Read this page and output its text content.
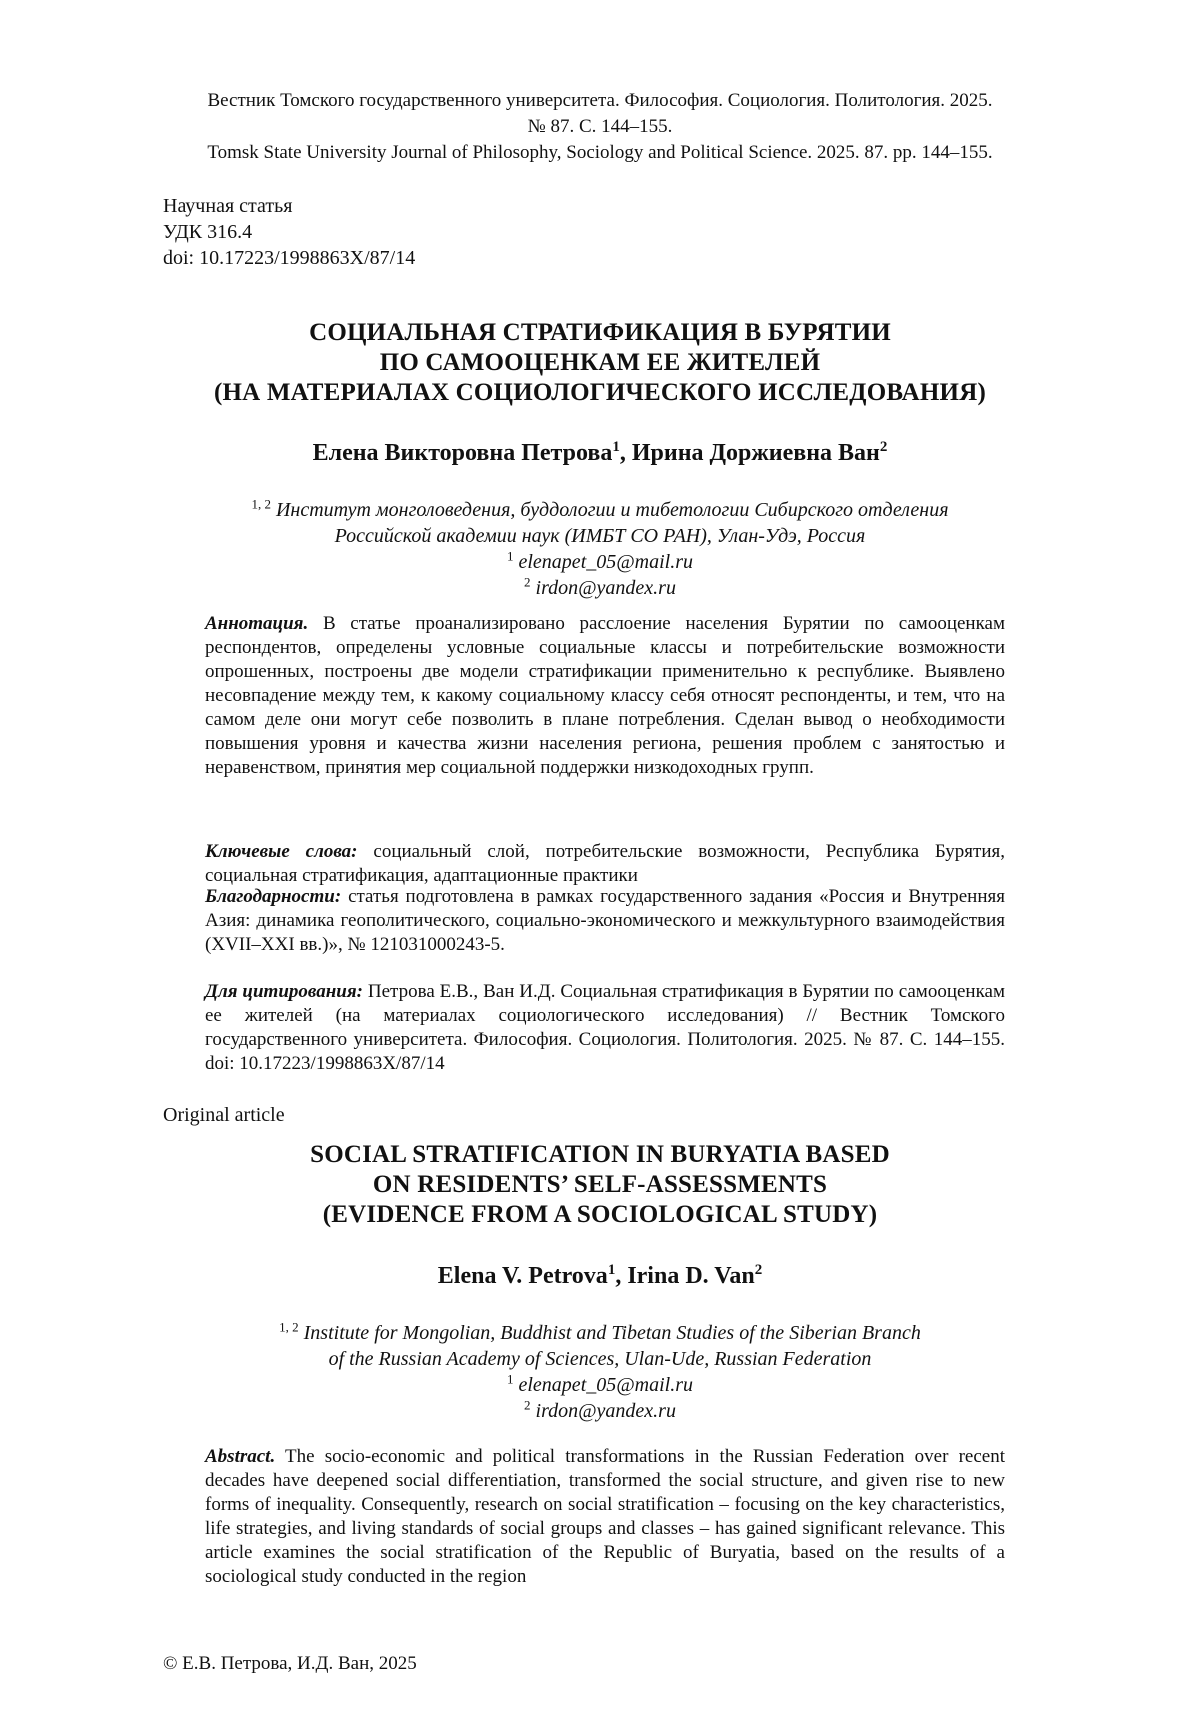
Вестник Томского государственного университета. Философия. Социология. Политология. 2025.
№ 87. С. 144–155.
Tomsk State University Journal of Philosophy, Sociology and Political Science. 2025. 87. pp. 144–155.
Научная статья
УДК 316.4
doi: 10.17223/1998863X/87/14
СОЦИАЛЬНАЯ СТРАТИФИКАЦИЯ В БУРЯТИИ
ПО САМООЦЕНКАМ ЕЕ ЖИТЕЛЕЙ
(НА МАТЕРИАЛАХ СОЦИОЛОГИЧЕСКОГО ИССЛЕДОВАНИЯ)
Елена Викторовна Петрова$^1$, Ирина Доржиевна Ван$^2$
$^{1, 2}$ Институт монголоведения, буддологии и тибетологии Сибирского отделения
Российской академии наук (ИМБТ СО РАН), Улан-Удэ, Россия
$^1$ elenapet_05@mail.ru
$^2$ irdon@yandex.ru
Аннотация. В статье проанализировано расслоение населения Бурятии по самооценкам респондентов, определены условные социальные классы и потребительские возможности опрошенных, построены две модели стратификации применительно к республике. Выявлено несовпадение между тем, к какому социальному классу себя относят респонденты, и тем, что на самом деле они могут себе позволить в плане потребления. Сделан вывод о необходимости повышения уровня и качества жизни населения региона, решения проблем с занятостью и неравенством, принятия мер социальной поддержки низкодоходных групп.
Ключевые слова: социальный слой, потребительские возможности, Республика Бурятия, социальная стратификация, адаптационные практики
Благодарности: статья подготовлена в рамках государственного задания «Россия и Внутренняя Азия: динамика геополитического, социально-экономического и межкультурного взаимодействия (XVII–XXI вв.)», № 121031000243-5.
Для цитирования: Петрова Е.В., Ван И.Д. Социальная стратификация в Бурятии по самооценкам ее жителей (на материалах социологического исследования) // Вестник Томского государственного университета. Философия. Социология. Политология. 2025. № 87. С. 144–155. doi: 10.17223/1998863X/87/14
Original article
SOCIAL STRATIFICATION IN BURYATIA BASED
ON RESIDENTS’ SELF-ASSESSMENTS
(EVIDENCE FROM A SOCIOLOGICAL STUDY)
Elena V. Petrova$^1$, Irina D. Van$^2$
$^{1, 2}$ Institute for Mongolian, Buddhist and Tibetan Studies of the Siberian Branch
of the Russian Academy of Sciences, Ulan-Ude, Russian Federation
$^1$ elenapet_05@mail.ru
$^2$ irdon@yandex.ru
Abstract. The socio-economic and political transformations in the Russian Federation over recent decades have deepened social differentiation, transformed the social structure, and given rise to new forms of inequality. Consequently, research on social stratification – focusing on the key characteristics, life strategies, and living standards of social groups and classes – has gained significant relevance. This article examines the social stratification of the Republic of Buryatia, based on the results of a sociological study conducted in the region
© Е.В. Петрова, И.Д. Ван, 2025
